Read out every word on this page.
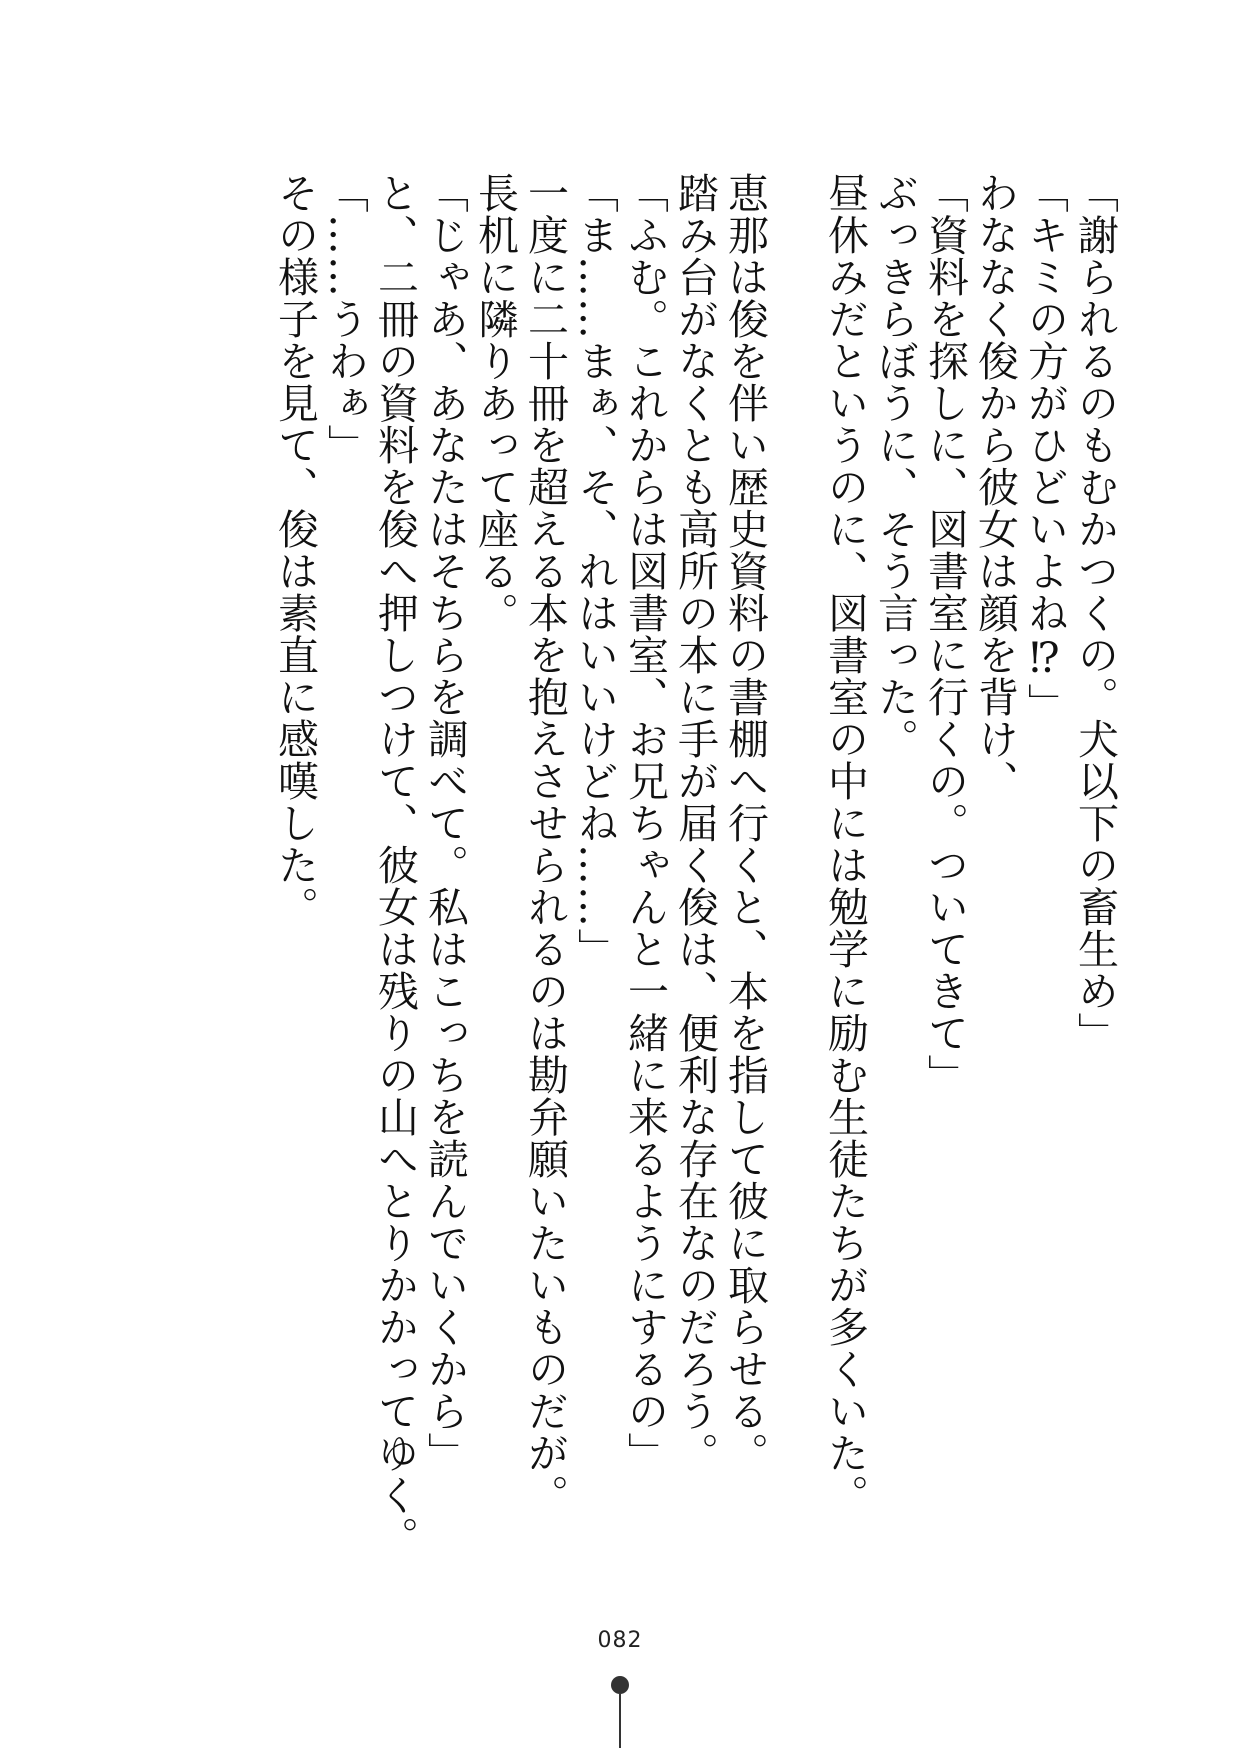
「謝られるのもむかつくの。犬以下の畜生め」

「キミの方がひどいよね⁉」

わななく俊から彼女は顔を背け、

「資料を探しに、図書室に行くの。ついてきて」

ぶっきらぼうに、そう言った。

昼休みだというのに、図書室の中には勉学に励む生徒たちが多くいた。

恵那は俊を伴い歴史資料の書棚へ行くと、本を指して彼に取らせる。

踏み台がなくとも高所の本に手が届く俊は、便利な存在なのだろう。

「ふむ。これからは図書室、お兄ちゃんと一緒に来るようにするの」

「ま……まぁ、そ、れはいいけどね……」

一度に二十冊を超える本を抱えさせられるのは勘弁願いたいものだが。

長机に隣りあって座る。

「じゃあ、あなたはそちらを調べて。私はこっちを読んでいくから」

と、二冊の資料を俊へ押しつけて、彼女は残りの山へとりかかってゆく。

「……うわぁ」

その様子を見て、俊は素直に感嘆した。

082
